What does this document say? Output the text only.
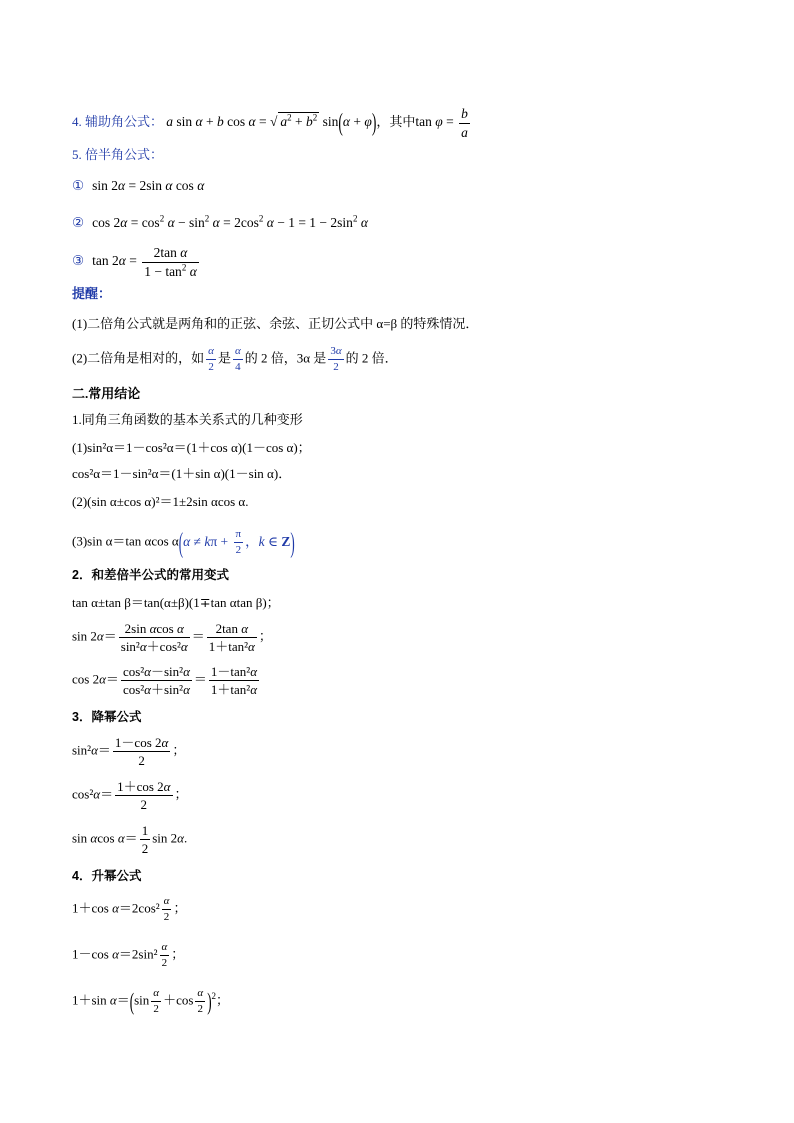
4. 辅助角公式： a sin α + b cos α = √ $a^2 + b^2$ sin(α + φ)，其中$\tan \varphi = \frac{b}{a}$
5. 倍半角公式：
① sin 2α = 2sin α cos α
② $\cos 2\alpha = \cos^2 \alpha - \sin^2 \alpha = 2\cos^2$ $\alpha - 1 = 1 - 2\sin^2$ α
③ $\tan 2\alpha = \frac{\text{2tan α}}{1 - \tan^2 \alpha}$
提醒：
(1)二倍角公式就是两角和的正弦、余弦、正切公式中 α=β 的特殊情况．
(2)二倍角是相对的，如 $\frac{\alpha}{2}$ 是 $\frac{\alpha}{4}$ 的 2 倍，3α 是 $\frac{3\alpha}{2}$ 的 2 倍．
二.常用结论
1.同角三角函数的基本关系式的几种变形
(1)sin²α＝1－cos²α＝(1＋cos α)(1－cos α)；
cos²α＝1－sin²α＝(1＋sin α)(1－sin α)．
(2)(sin α±cos α)²＝1±2sin αcos α.
(3)sin α＝tan αcos $\alpha(\alpha \ne k\pi + \frac{\pi}{2}$ ，k ∈ Z)
2．和差倍半公式的常用变式
tan α±tan β＝tan(α±β)(1∓tan αtan β)；
$\sin 2\alpha= \frac{\text{2sin αcos α}}{\text{sin²α＋cos²α}} = \frac{\text{2tan α}}{\text{1＋tan²α}}$ ；
$\cos 2\alpha= \frac{\text{cos²α－sin²α}}{\text{cos²α＋sin²α}} = \frac{\text{1－tan²α}}{\text{1＋tan²α}}$
3．降幂公式
$\sin^2\alpha= \frac{1-\cos 2\alpha}{2}$ ；
$\cos^2\alpha= \frac{1+\cos 2\alpha}{2}$ ；
sin αcos $\alpha= \frac{1}{2}$ sin 2α.
4．升幂公式
1＋cos $\alpha=2\cos^2 \frac{\alpha}{2}$ ；
1－cos $\alpha=2\sin^2 \frac{\alpha}{2}$ ；
1＋sin $\alpha=(\sin \frac{\alpha}{2} +\cos \frac{\alpha}{2} )^2$；
